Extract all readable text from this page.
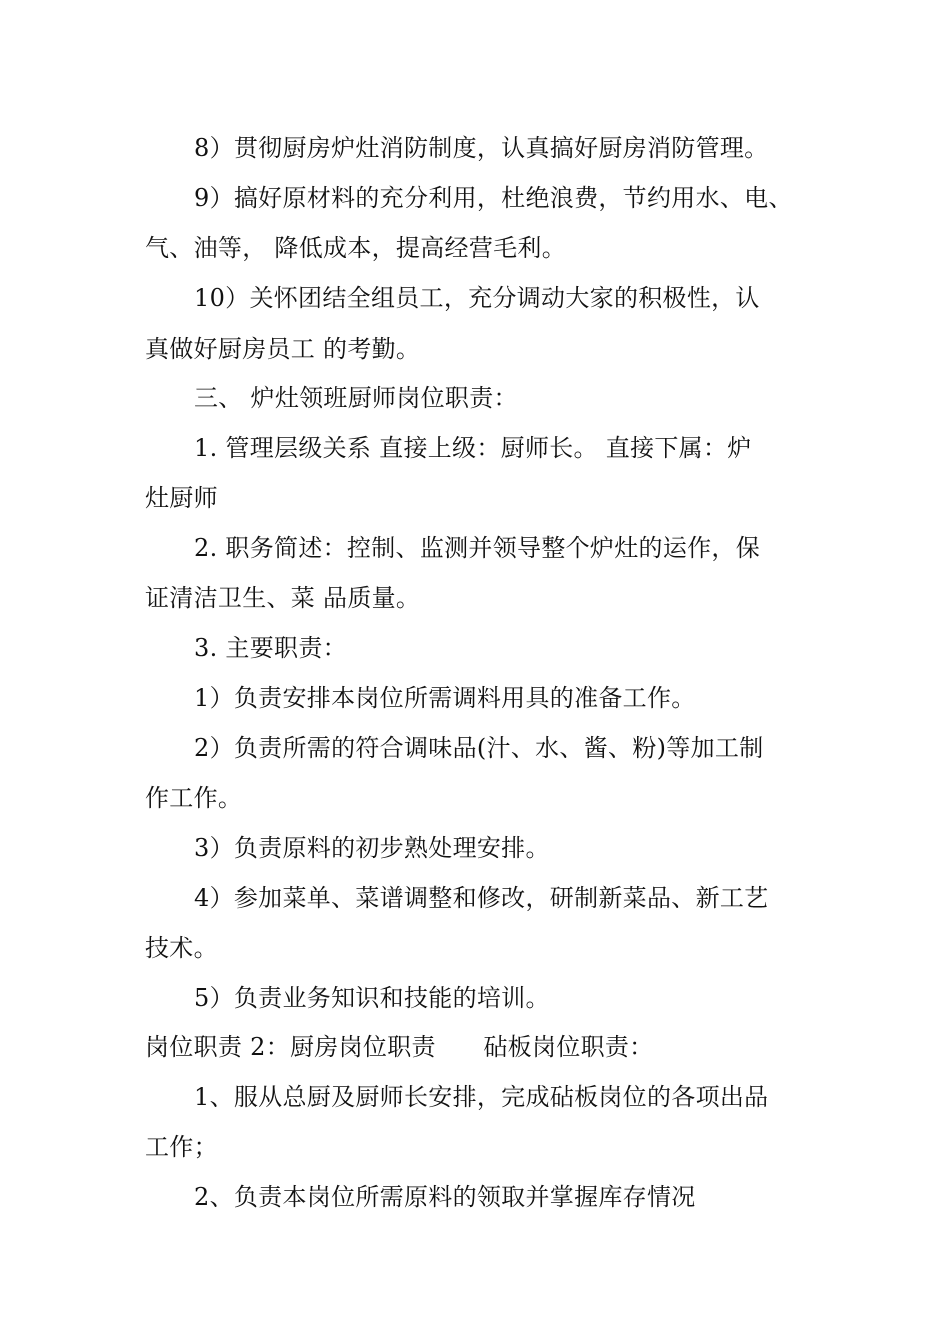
8）贯彻厨房炉灶消防制度，认真搞好厨房消防管理。
9）搞好原材料的充分利用，杜绝浪费，节约用水、电、
气、油等， 降低成本，提高经营毛利。
10）关怀团结全组员工，充分调动大家的积极性，认
真做好厨房员工 的考勤。
三、 炉灶领班厨师岗位职责：
1. 管理层级关系 直接上级：厨师长。 直接下属：炉
灶厨师
2. 职务简述：控制、监测并领导整个炉灶的运作，保
证清洁卫生、菜 品质量。
3. 主要职责：
1）负责安排本岗位所需调料用具的准备工作。
2）负责所需的符合调味品(汁、水、酱、粉)等加工制
作工作。
3）负责原料的初步熟处理安排。
4）参加菜单、菜谱调整和修改，研制新菜品、新工艺
技术。
5）负责业务知识和技能的培训。
岗位职责 2：厨房岗位职责      砧板岗位职责：
1、服从总厨及厨师长安排，完成砧板岗位的各项出品
工作；
2、负责本岗位所需原料的领取并掌握库存情况
